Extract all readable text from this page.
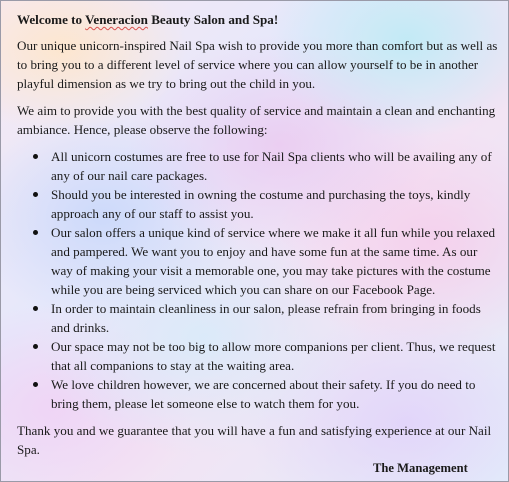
Welcome to Veneracion Beauty Salon and Spa!

Our unique unicorn-inspired Nail Spa wish to provide you more than comfort but as well as to bring you to a different level of service where you can allow yourself to be in another playful dimension as we try to bring out the child in you.

We aim to provide you with the best quality of service and maintain a clean and enchanting ambiance. Hence, please observe the following:

All unicorn costumes are free to use for Nail Spa clients who will be availing any of any of our nail care packages.
Should you be interested in owning the costume and purchasing the toys, kindly approach any of our staff to assist you.
Our salon offers a unique kind of service where we make it all fun while you relaxed and pampered. We want you to enjoy and have some fun at the same time. As our way of making your visit a memorable one, you may take pictures with the costume while you are being serviced which you can share on our Facebook Page.
In order to maintain cleanliness in our salon, please refrain from bringing in foods and drinks.
Our space may not be too big to allow more companions per client. Thus, we request that all companions to stay at the waiting area.
We love children however, we are concerned about their safety. If you do need to bring them, please let someone else to watch them for you.

Thank you and we guarantee that you will have a fun and satisfying experience at our Nail Spa.

The Management
